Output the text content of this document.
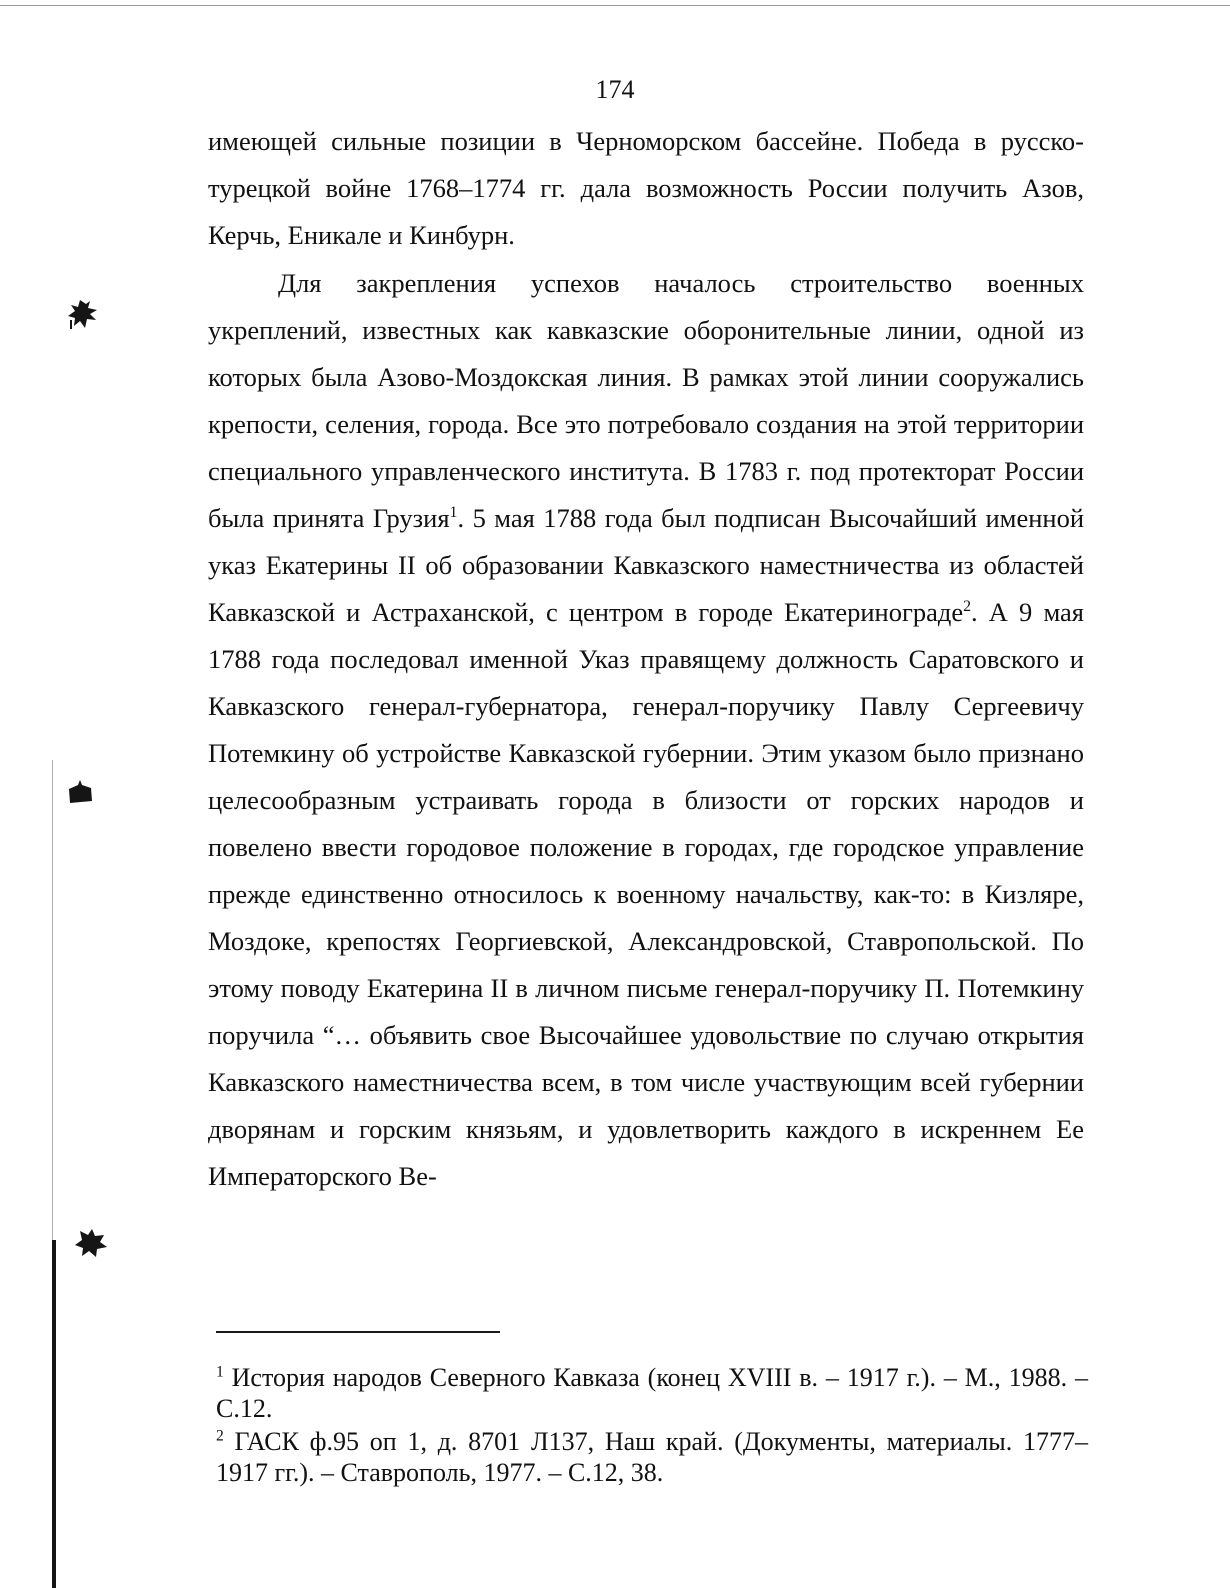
174

имеющей сильные позиции в Черноморском бассейне. Победа в русско-турецкой войне 1768–1774 гг. дала возможность России получить Азов, Керчь, Еникале и Кинбурн.

Для закрепления успехов началось строительство военных укреплений, известных как кавказские оборонительные линии, одной из которых была Азово-Моздокская линия. В рамках этой линии сооружались крепости, селения, города. Все это потребовало создания на этой территории специального управленческого института. В 1783 г. под протекторат России была принята Грузия$^1$. 5 мая 1788 года был подписан Высочайший именной указ Екатерины II об образовании Кавказского наместничества из областей Кавказской и Астраханской, с центром в городе Екатеринограде$^2$. А 9 мая 1788 года последовал именной Указ правящему должность Саратовского и Кавказского генерал-губернатора, генерал-поручику Павлу Сергеевичу Потемкину об устройстве Кавказской губернии. Этим указом было признано целесообразным устраивать города в близости от горских народов и повелено ввести городовое положение в городах, где городское управление прежде единственно относилось к военному начальству, как-то: в Кизляре, Моздоке, крепостях Георгиевской, Александровской, Ставропольской. По этому поводу Екатерина II в личном письме генерал-поручику П. Потемкину поручила “… объявить свое Высочайшее удовольствие по случаю открытия Кавказского наместничества всем, в том числе участвующим всей губернии дворянам и горским князьям, и удовлетворить каждого в искреннем Ее Императорского Ве-

$^1$ История народов Северного Кавказа (конец XVIII в. – 1917 г.). – М., 1988. – С.12.

$^2$ ГАСК ф.95 оп 1, д. 8701 Л137, Наш край. (Документы, материалы. 1777–1917 гг.). – Ставрополь, 1977. – С.12, 38.
